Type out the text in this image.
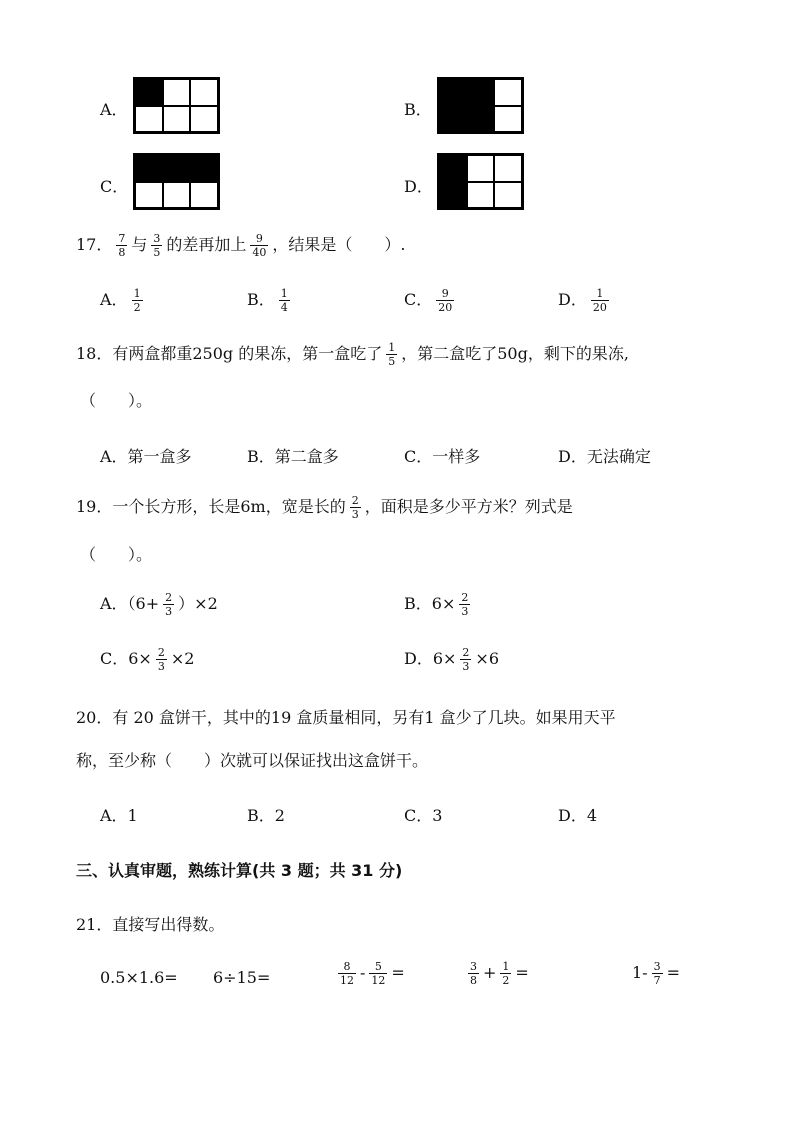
A．	B．
C．	D．
17． $\frac{7}{8}$ 与 $\frac{3}{5}$ 的差再加上 $\frac{9}{40}$ ，结果是（　　）.
A． $\frac{1}{2}$	B． $\frac{1}{4}$	C． $\frac{9}{20}$	D． $\frac{1}{20}$
18．有两盒都重250g 的果冻，第一盒吃了 $\frac{1}{5}$ ，第二盒吃了50g，剩下的果冻,
（　　）。
A．第一盒多	B．第二盒多	C．一样多	D．无法确定
19．一个长方形，长是6m，宽是长的 $\frac{2}{3}$ ，面积是多少平方米？列式是
（　　）。
A．$(6+ \frac{2}{3} )\times 2$	B．$6\times \frac{2}{3}$
C．$6\times \frac{2}{3} \times 2$	D．$6\times \frac{2}{3} \times 6$
20．有 20 盒饼干，其中的19 盒质量相同，另有1 盒少了几块。如果用天平
称，至少称（　　）次就可以保证找出这盒饼干。
A．1	B．2	C．3	D．4
三、认真审题，熟练计算(共 3 题；共 31 分)
21．直接写出得数。
0.5×1.6= 6÷15=	$\frac{8}{12} - \frac{5}{12}$ =	$\frac{3}{8} + \frac{1}{2}$ =	$1- \frac{3}{7}$ =
